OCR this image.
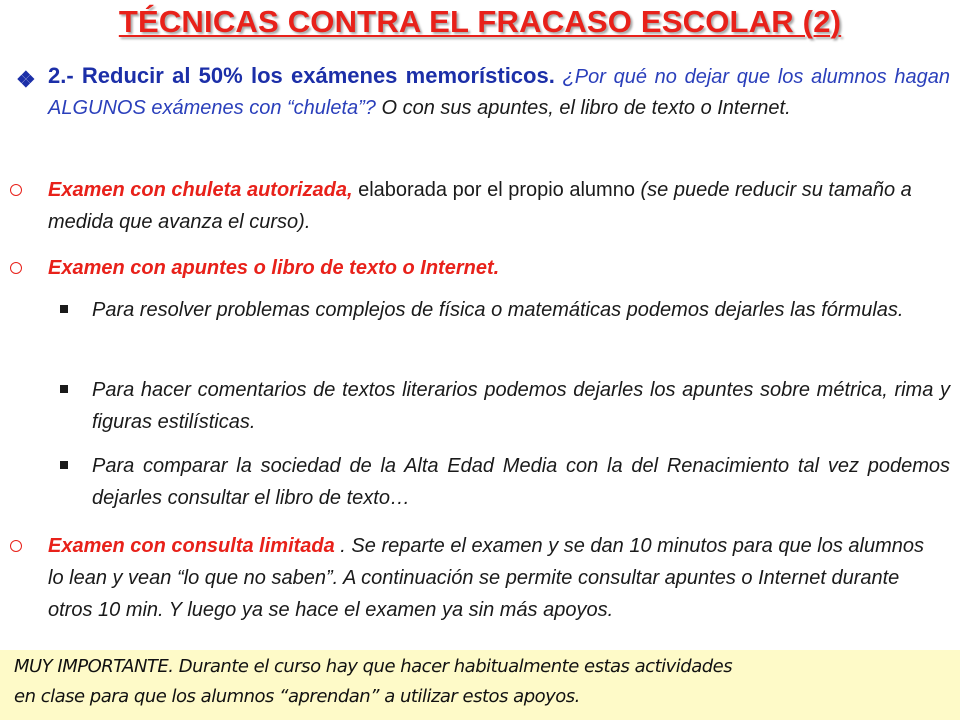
TÉCNICAS CONTRA EL FRACASO ESCOLAR (2)
❖ 2.- Reducir al 50% los exámenes memorísticos. ¿Por qué no dejar que los alumnos hagan ALGUNOS exámenes con “chuleta”? O con sus apuntes, el libro de texto o Internet.
Examen con chuleta autorizada, elaborada por el propio alumno (se puede reducir su tamaño a medida que avanza el curso).
Examen con apuntes o libro de texto o Internet.
Para resolver problemas complejos de física o matemáticas podemos dejarles las fórmulas.
Para hacer comentarios de textos literarios podemos dejarles los apuntes sobre métrica, rima y figuras estilísticas.
Para comparar la sociedad de la Alta Edad Media con la del Renacimiento tal vez podemos dejarles consultar el libro de texto…
Examen con consulta limitada . Se reparte el examen y se dan 10 minutos para que los alumnos lo lean y vean “lo que no saben”. A continuación se permite consultar apuntes o Internet durante otros 10 min. Y luego ya se hace el examen ya sin más apoyos.
MUY IMPORTANTE. Durante el curso hay que hacer habitualmente estas actividades
en clase para que los alumnos “aprendan” a utilizar estos apoyos.
